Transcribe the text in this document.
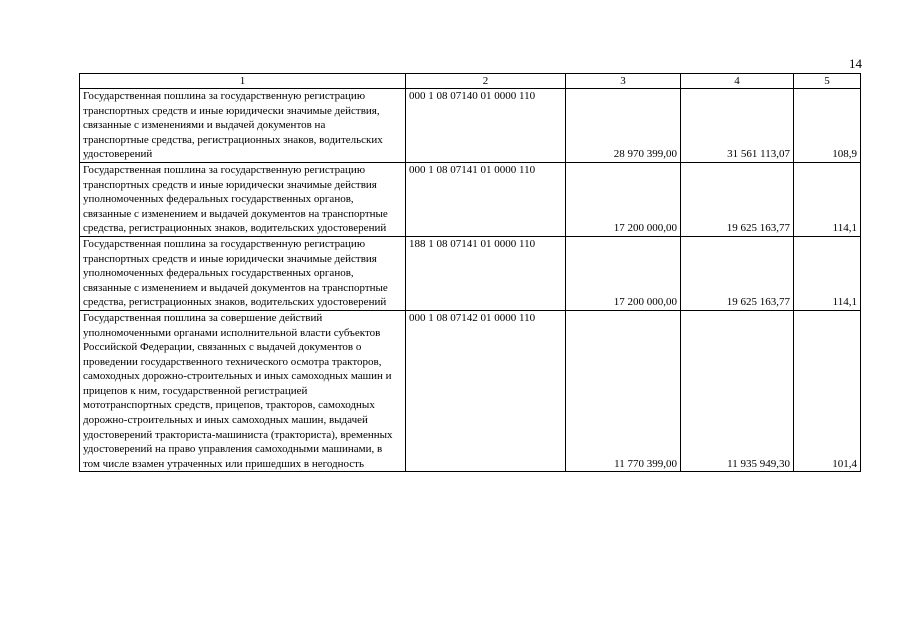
14
1	2	3	4	5

Государственная пошлина за государственную регистрацию транспортных средств и иные юридически значимые действия, связанные с изменениями и выдачей документов на транспортные средства, регистрационных знаков, водительских удостоверений	000 1 08 07140 01 0000 110	28 970 399,00	31 561 113,07	108,9

Государственная пошлина за государственную регистрацию транспортных средств и иные юридически значимые действия уполномоченных федеральных государственных органов, связанные с изменением и выдачей документов на транспортные средства, регистрационных знаков, водительских удостоверений	000 1 08 07141 01 0000 110	17 200 000,00	19 625 163,77	114,1

Государственная пошлина за государственную регистрацию транспортных средств и иные юридически значимые действия уполномоченных федеральных государственных органов, связанные с изменением и выдачей документов на транспортные средства, регистрационных знаков, водительских удостоверений	188 1 08 07141 01 0000 110	17 200 000,00	19 625 163,77	114,1

Государственная пошлина за совершение действий уполномоченными органами исполнительной власти субъектов Российской Федерации, связанных с выдачей документов о проведении государственного технического осмотра тракторов, самоходных дорожно-строительных и иных самоходных машин и прицепов к ним, государственной регистрацией мототранспортных средств, прицепов, тракторов, самоходных дорожно-строительных и иных самоходных машин, выдачей удостоверений тракториста-машиниста (тракториста), временных удостоверений на право управления самоходными машинами, в том числе взамен утраченных или пришедших в негодность	000 1 08 07142 01 0000 110	11 770 399,00	11 935 949,30	101,4
